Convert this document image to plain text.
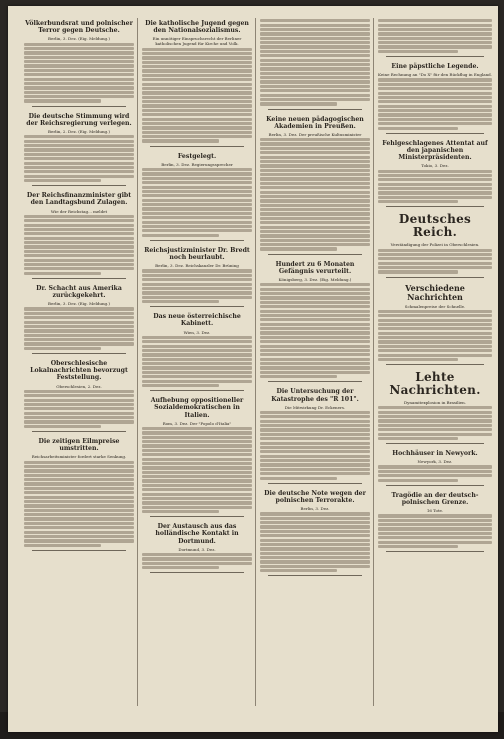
Völkerbundsrat und polnischer Terror gegen Deutsche.
Berlin, 3. Dez. (Eig. Meldung.)
Die deutsche Stimmung wird der Reichsregierung verlegen.
Berlin, 2. Dez. (Eig. Meldung.)
Der Reichsfinanzminister gibt den Landtagsbund Zulagen.
Wie der Reichstag... meldet
Dr. Schacht aus Amerika zurückgekehrt.
Berlin, 3. Dez. (Eig. Meldung.)
Oberschlesische Lokalnachrichten bevorzugt Feststellung.
Oberschlesien, 2. Dez.
Die zeitigen Eilmpreise umstritten.
Reichsarbeitsminister fordert starke Senkung.
Die katholische Jugend gegen den Nationalsozialismus.
Ein unnötiger Einspruchsrecht der Berliner katholischen Jugend für Kirche und Volk.
Festgelegt.
Berlin, 3. Dez. Regierungssprecher
Reichsjustizminister Dr. Bredt noch beurlaubt.
Berlin, 3. Dez. Reichskanzler Dr. Brüning
Das neue österreichische Kabinett.
Wien, 3. Dez.
Aufhebung oppositioneller Sozialdemokratischen in Italien.
Rom, 3. Dez. Der "Popolo d'Italia"
Der Austausch aus das holländische Kontakt in Dortmund.
Dortmund, 3. Dez.
Keine neuen pädagogischen Akademien in Preußen.
Berlin, 3. Dez. Der preußische Kultusminister
Hundert zu 6 Monaten Gefängnis verurteilt.
Königsberg, 3. Dez. (Eig. Meldung.)
Die Untersuchung der Katastrophe des "R 101".
Die Mitwirkung Dr. Eckeners.
Die deutsche Note wegen der polnischen Terrorakte.
Berlin, 3. Dez.
Eine päpstliche Legende.
Keine Rechnung an "Do X" für den Rückflug in England.
Fehlgeschlagenes Attentat auf den japanischen Ministerpräsidenten.
Tokio, 3. Dez.
Deutsches Reich.
Verständigung der Polizei in Oberschlesien.
Verschiedene Nachrichten
Schmalenpreise der Schnelle.
Lehte Nachrichten.
Dynamitexplosion in Brasilien.
Hochhäuser in Newyork.
Newyork, 3. Dez.
Tragödie an der deutsch-polnischen Grenze.
16 Tote.
